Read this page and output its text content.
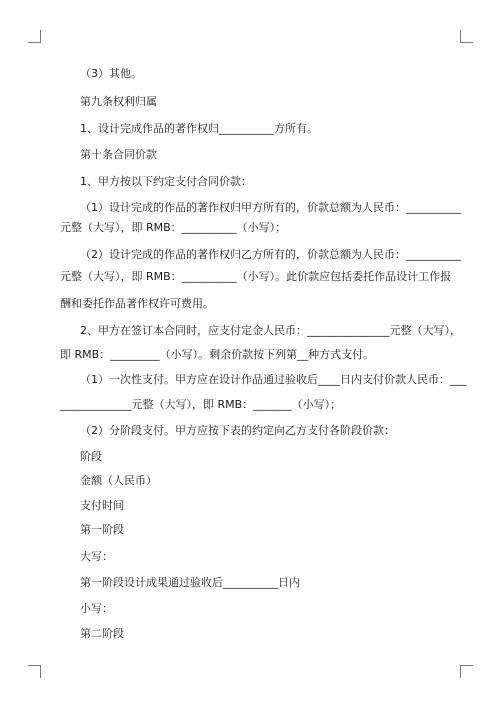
（3）其他。
第九条权利归属
1、设计完成作品的著作权归__________方所有。
第十条合同价款
1、甲方按以下约定支付合同价款：
（1）设计完成的作品的著作权归甲方所有的，价款总额为人民币：__________
元整（大写），即 RMB：__________（小写）；
（2）设计完成的作品的著作权归乙方所有的，价款总额为人民币：__________
元整（大写），即 RMB：__________（小写）。此价款应包括委托作品设计工作报
酬和委托作品著作权许可费用。
2、甲方在签订本合同时，应支付定金人民币：_______________元整（大写），
即 RMB：_________（小写）。剩余价款按下列第__种方式支付。
（1）一次性支付。甲方应在设计作品通过验收后____日内支付价款人民币：___
_____________元整（大写），即 RMB：_______（小写）；
（2）分阶段支付。甲方应按下表的约定向乙方支付各阶段价款：
阶段
金额（人民币）
支付时间
第一阶段
大写：
第一阶段设计成果通过验收后__________日内
小写：
第二阶段
